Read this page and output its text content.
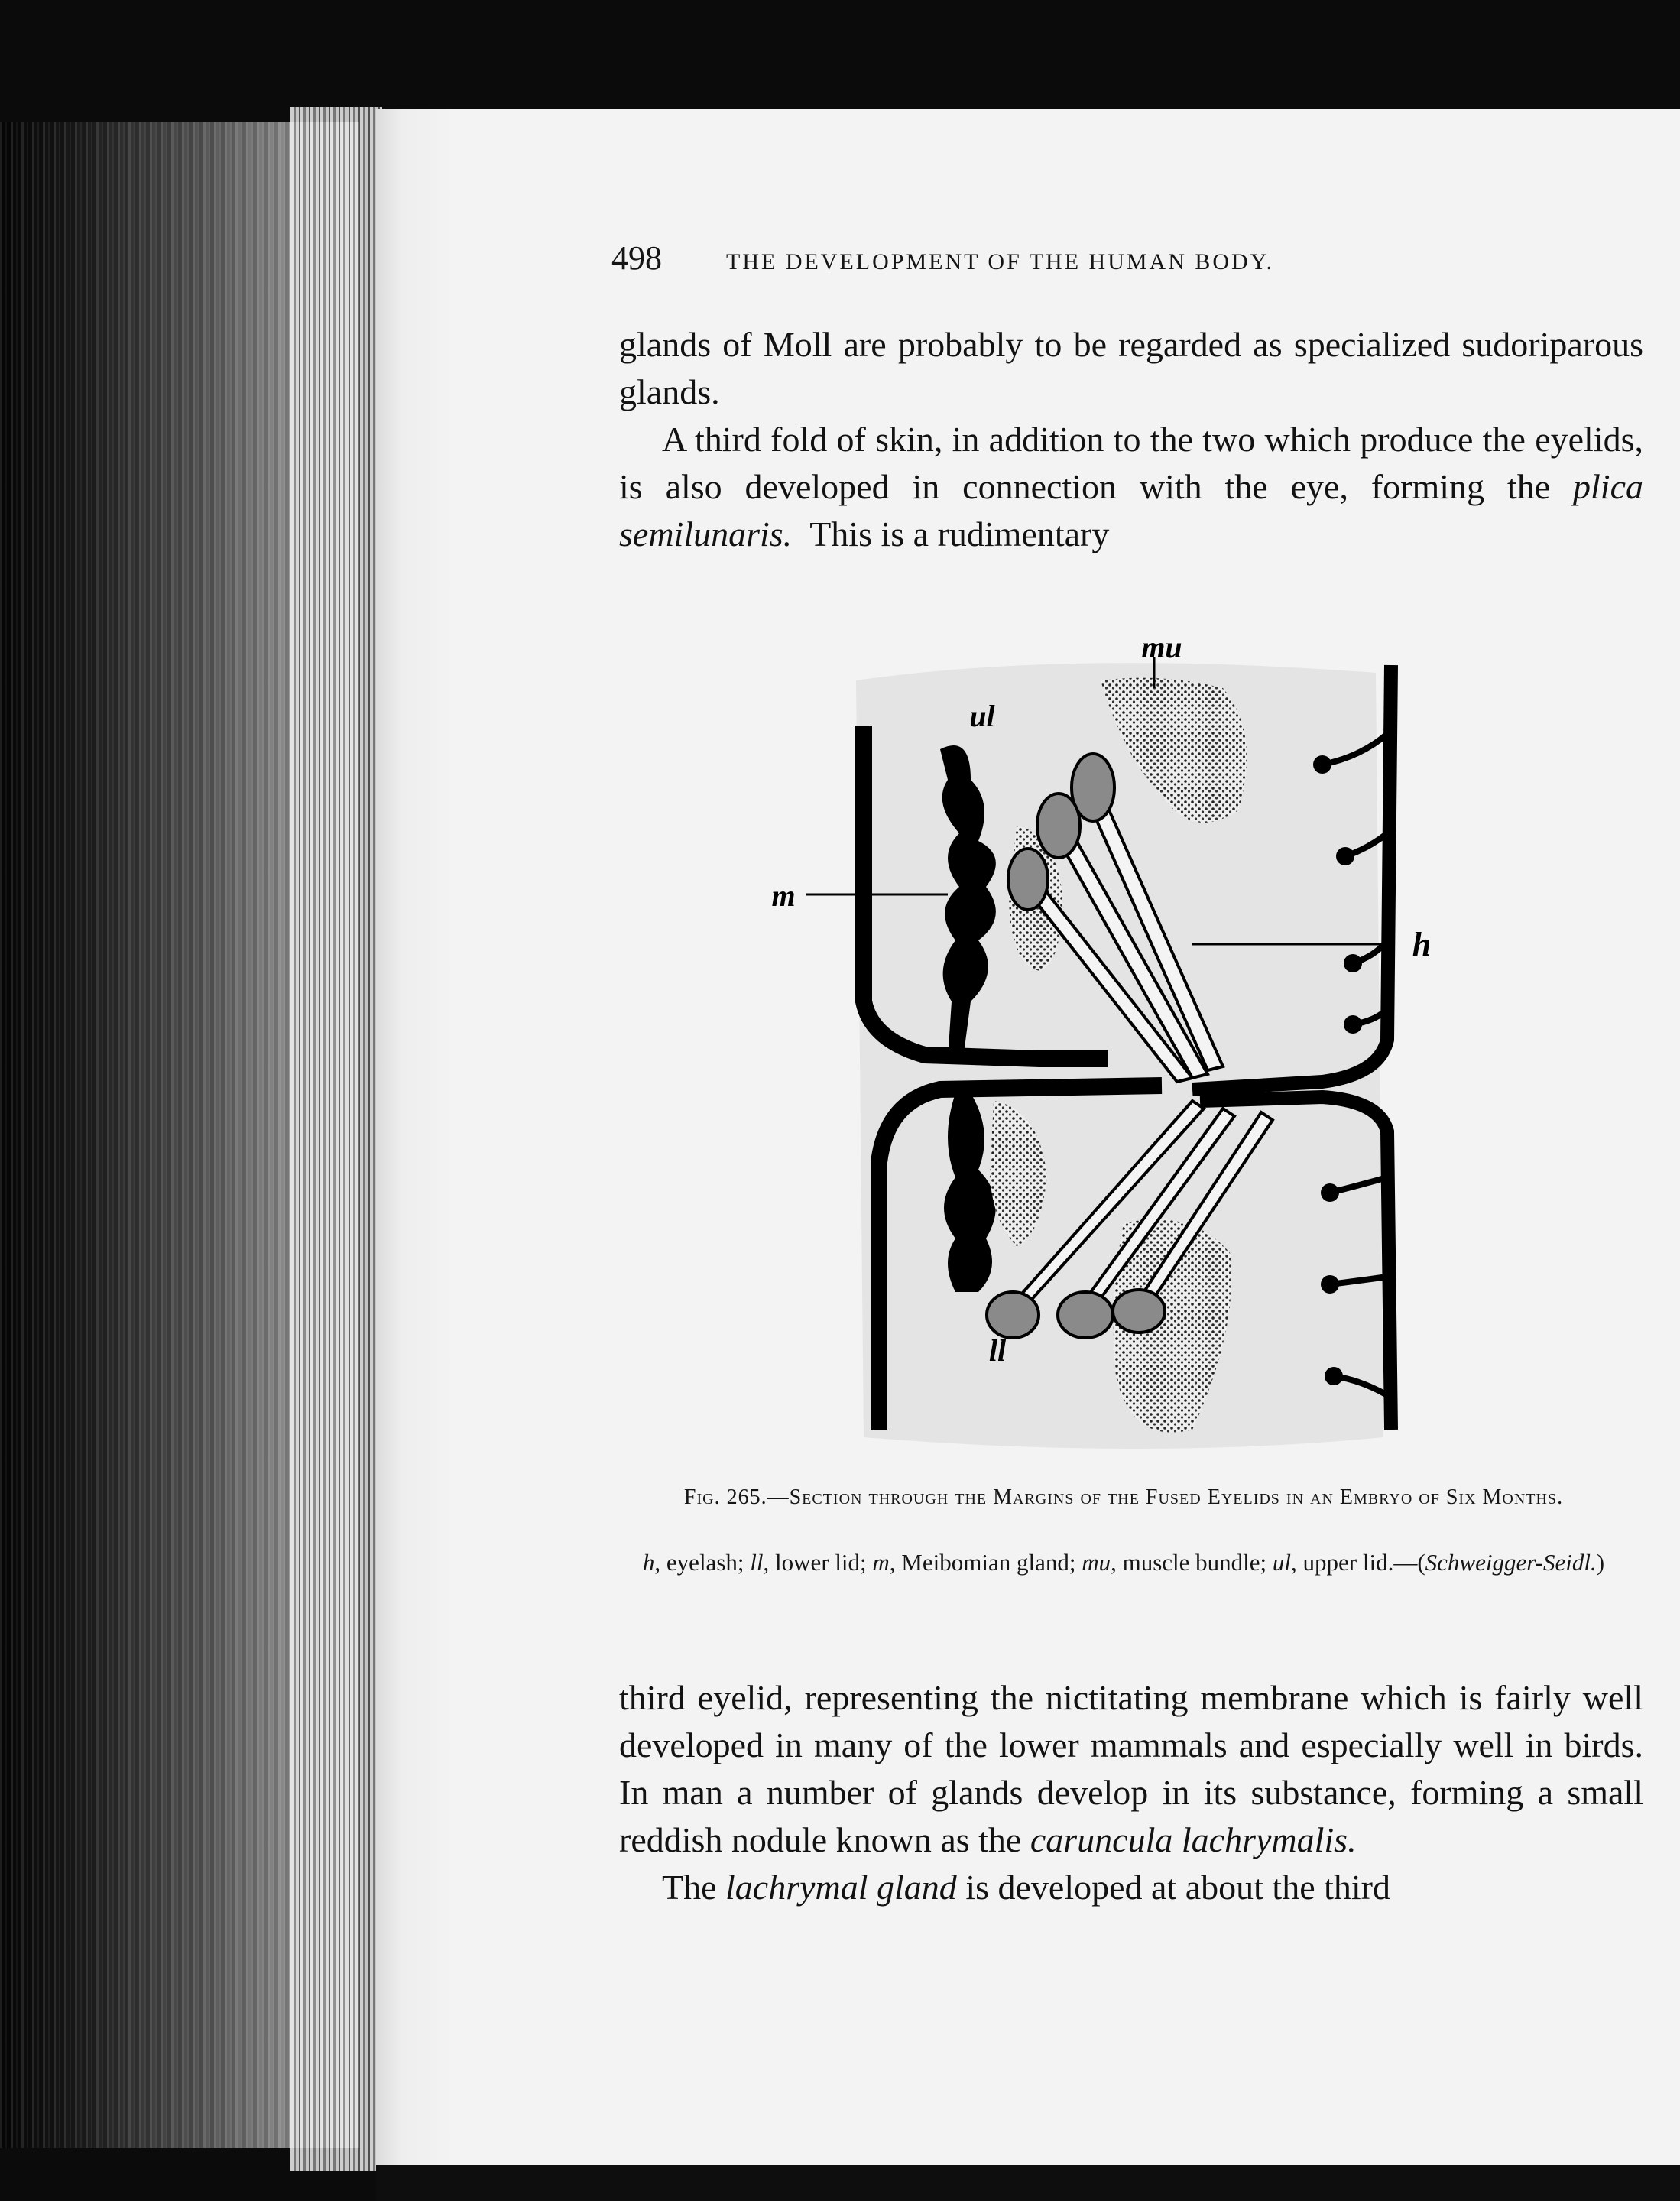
498	THE DEVELOPMENT OF THE HUMAN BODY.

glands of Moll are probably to be regarded as specialized sudoriparous glands.

A third fold of skin, in addition to the two which produce the eyelids, is also developed in connection with the eye, forming the plica semilunaris. This is a rudimentary

mu
ul
m
h
ll
Fig. 265.—Section through the Margins of the Fused Eyelids in an Embryo of Six Months.
h, eyelash; ll, lower lid; m, Meibomian gland; mu, muscle bundle; ul, upper lid.—(Schweigger-Seidl.)

third eyelid, representing the nictitating membrane which is fairly well developed in many of the lower mammals and especially well in birds. In man a number of glands develop in its substance, forming a small reddish nodule known as the caruncula lachrymalis.

The lachrymal gland is developed at about the third
